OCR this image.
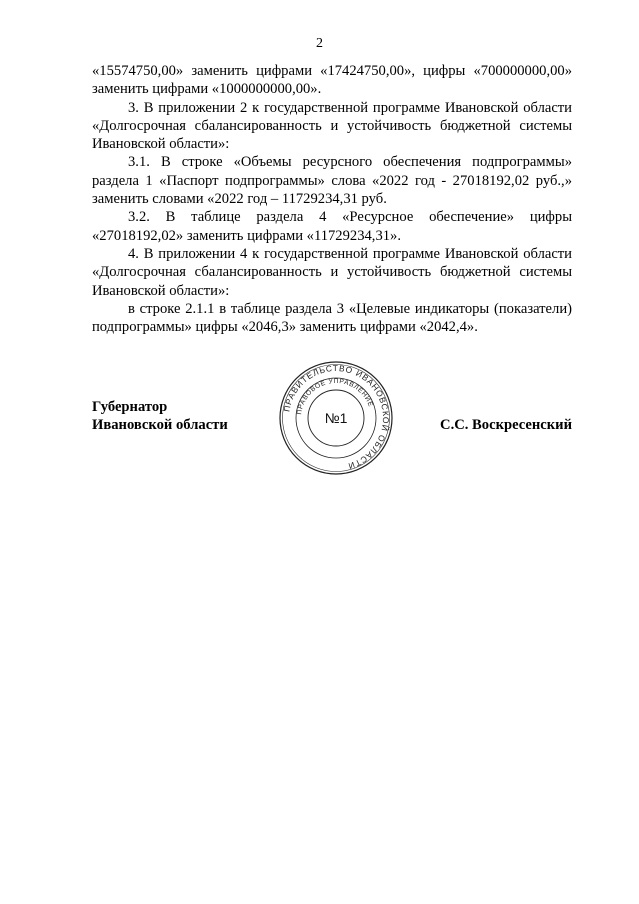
2

«15574750,00» заменить цифрами «17424750,00», цифры «700000000,00» заменить цифрами «1000000000,00».

3. В приложении 2 к государственной программе Ивановской области «Долгосрочная сбалансированность и устойчивость бюджетной системы Ивановской области»:

3.1. В строке «Объемы ресурсного обеспечения подпрограммы» раздела 1 «Паспорт подпрограммы» слова «2022 год - 27018192,02 руб.,» заменить словами «2022 год – 11729234,31 руб.

3.2. В таблице раздела 4 «Ресурсное обеспечение» цифры «27018192,02» заменить цифрами «11729234,31».

4. В приложении 4 к государственной программе Ивановской области «Долгосрочная сбалансированность и устойчивость бюджетной системы Ивановской области»:

в строке 2.1.1 в таблице раздела 3 «Целевые индикаторы (показатели) подпрограммы» цифры «2046,3» заменить цифрами «2042,4».

Губернатор
Ивановской области
ПРАВИТЕЛЬСТВО ИВАНОВСКОЙ ОБЛАСТИ
ПРАВОВОЕ УПРАВЛЕНИЕ
№1	С.С. Воскресенский
